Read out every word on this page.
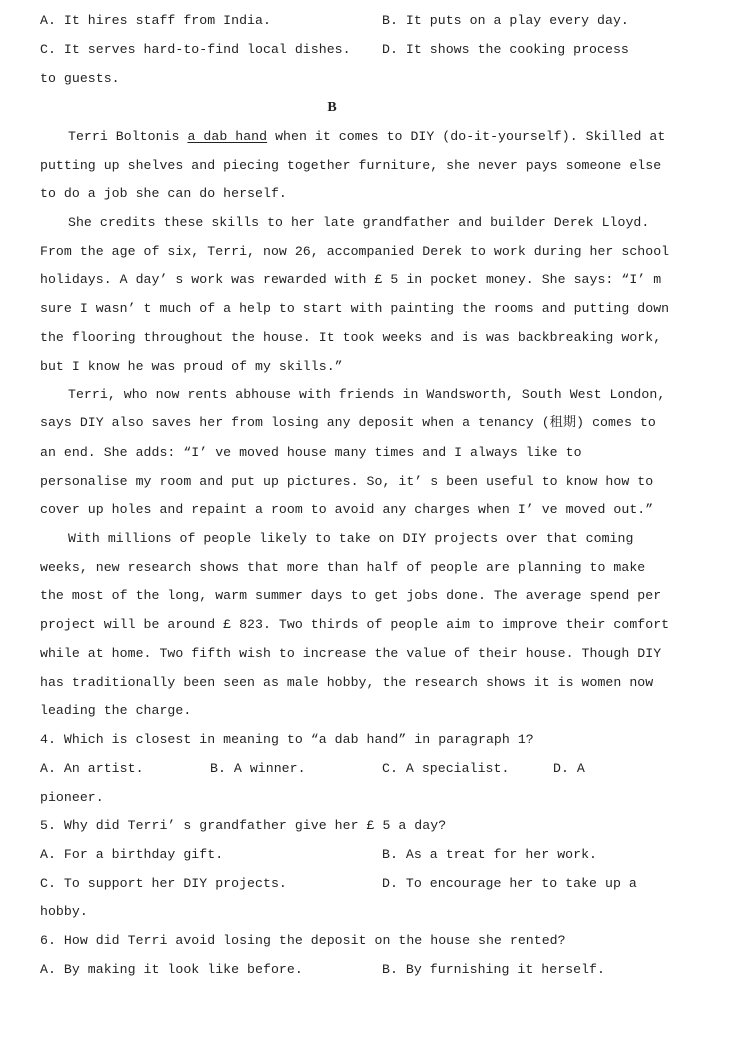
A. It hires staff from India.	B. It puts on a play every day.
C. It serves hard-to-find local dishes. D. It shows the cooking process
to guests.
B
Terri Boltonis a dab hand when it comes to DIY (do-it-yourself). Skilled at
putting up shelves and piecing together furniture, she never pays someone else
to do a job she can do herself.
She credits these skills to her late grandfather and builder Derek Lloyd.
From the age of six, Terri, now 26, accompanied Derek to work during her school
holidays. A day’ s work was rewarded with £ 5 in pocket money. She says: “I’ m
sure I wasn’ t much of a help to start with painting the rooms and putting down
the flooring throughout the house. It took weeks and is was backbreaking work,
but I know he was proud of my skills.”
Terri, who now rents abhouse with friends in Wandsworth, South West London,
says DIY also saves her from losing any deposit when a tenancy (租期) comes to
an end. She adds: “I’ ve moved house many times and I always like to
personalise my room and put up pictures. So, it’ s been useful to know how to
cover up holes and repaint a room to avoid any charges when I’ ve moved out.”
With millions of people likely to take on DIY projects over that coming
weeks, new research shows that more than half of people are planning to make
the most of the long, warm summer days to get jobs done. The average spend per
project will be around £ 823. Two thirds of people aim to improve their comfort
while at home. Two fifth wish to increase the value of their house. Though DIY
has traditionally been seen as male hobby, the research shows it is women now
leading the charge.
4. Which is closest in meaning to “a dab hand” in paragraph 1?
A. An artist.	B. A winner.	C. A specialist.	D. A
pioneer.
5. Why did Terri’ s grandfather give her £ 5 a day?
A. For a birthday gift.	B. As a treat for her work.
C. To support her DIY projects.	D. To encourage her to take up a
hobby.
6. How did Terri avoid losing the deposit on the house she rented?
A. By making it look like before.	B. By furnishing it herself.
